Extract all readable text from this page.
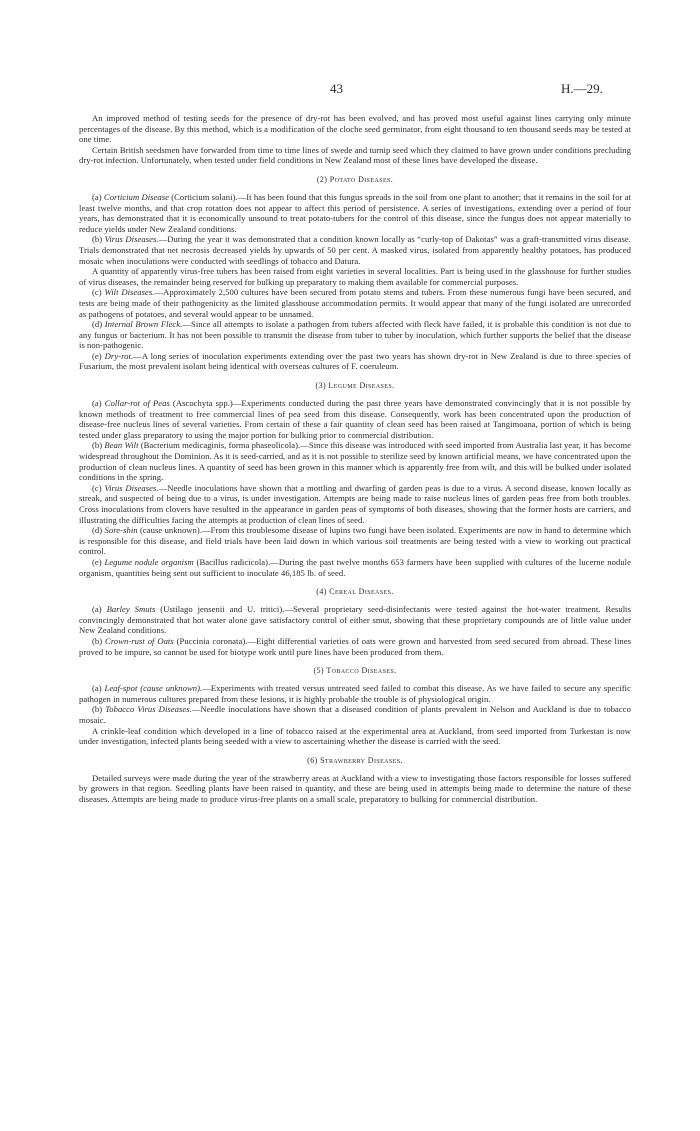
43	H.—29.

An improved method of testing seeds for the presence of dry-rot has been evolved, and has proved most useful against lines carrying only minute percentages of the disease. By this method, which is a modification of the cloche seed germinator, from eight thousand to ten thousand seeds may be tested at one time.

Certain British seedsmen have forwarded from time to time lines of swede and turnip seed which they claimed to have grown under conditions precluding dry-rot infection. Unfortunately, when tested under field conditions in New Zealand most of these lines have developed the disease.

(2) Potato Diseases.

(a) Corticium Disease (Corticium solani).—It has been found that this fungus spreads in the soil from one plant to another; that it remains in the soil for at least twelve months, and that crop rotation does not appear to affect this period of persistence. A series of investigations, extending over a period of four years, has demonstrated that it is economically unsound to treat potato-tubers for the control of this disease, since the fungus does not appear materially to reduce yields under New Zealand conditions.

(b) Virus Diseases.—During the year it was demonstrated that a condition known locally as “curly-top of Dakotas” was a graft-transmitted virus disease. Trials demonstrated that net necrosis decreased yields by upwards of 50 per cent. A masked virus, isolated from apparently healthy potatoes, has produced mosaic when inoculations were conducted with seedlings of tobacco and Datura.

A quantity of apparently virus-free tubers has been raised from eight varieties in several localities. Part is being used in the glasshouse for further studies of virus diseases, the remainder being reserved for bulking up preparatory to making them available for commercial purposes.

(c) Wilt Diseases.—Approximately 2,500 cultures have been secured from potato stems and tubers. From these numerous fungi have been secured, and tests are being made of their pathogenicity as the limited glasshouse accommodation permits. It would appear that many of the fungi isolated are unrecorded as pathogens of potatoes, and several would appear to be unnamed.

(d) Internal Brown Fleck.—Since all attempts to isolate a pathogen from tubers affected with fleck have failed, it is probable this condition is not due to any fungus or bacterium. It has not been possible to transmit the disease from tuber to tuber by inoculation, which further supports the belief that the disease is non-pathogenic.

(e) Dry-rot.—A long series of inoculation experiments extending over the past two years has shown dry-rot in New Zealand is due to three species of Fusarium, the most prevalent isolant being identical with overseas cultures of F. coeruleum.

(3) Legume Diseases.

(a) Collar-rot of Peas (Ascochyta spp.)—Experiments conducted during the past three years have demonstrated convincingly that it is not possible by known methods of treatment to free commercial lines of pea seed from this disease. Consequently, work has been concentrated upon the production of disease-free nucleus lines of several varieties. From certain of these a fair quantity of clean seed has been raised at Tangimoana, portion of which is being tested under glass preparatory to using the major portion for bulking prior to commercial distribution.

(b) Bean Wilt (Bacterium medicaginis, forma phaseolicola).—Since this disease was introduced with seed imported from Australia last year, it has become widespread throughout the Dominion. As it is seed-carried, and as it is not possible to sterilize seed by known artificial means, we have concentrated upon the production of clean nucleus lines. A quantity of seed has been grown in this manner which is apparently free from wilt, and this will be bulked under isolated conditions in the spring.

(c) Virus Diseases.—Needle inoculations have shown that a mottling and dwarfing of garden peas is due to a virus. A second disease, known locally as streak, and suspected of being due to a virus, is under investigation. Attempts are being made to raise nucleus lines of garden peas free from both troubles. Cross inoculations from clovers have resulted in the appearance in garden peas of symptoms of both diseases, showing that the former hosts are carriers, and illustrating the difficulties facing the attempts at production of clean lines of seed.

(d) Sore-shin (cause unknown).—From this troublesome disease of lupins two fungi have been isolated. Experiments are now in hand to determine which is responsible for this disease, and field trials have been laid down in which various soil treatments are being tested with a view to working out practical control.

(e) Legume nodule organism (Bacillus radicicola).—During the past twelve months 653 farmers have been supplied with cultures of the lucerne nodule organism, quantities being sent out sufficient to inoculate 46,185 lb. of seed.

(4) Cereal Diseases.

(a) Barley Smuts (Ustilago jensenii and U. tritici).—Several proprietary seed-disinfectants were tested against the hot-water treatment. Results convincingly demonstrated that hot water alone gave satisfactory control of either smut, showing that these proprietary compounds are of little value under New Zealand conditions.

(b) Crown-rust of Oats (Puccinia coronata).—Eight differential varieties of oats were grown and harvested from seed secured from abroad. These lines proved to be impure, so cannot be used for biotype work until pure lines have been produced from them.

(5) Tobacco Diseases.

(a) Leaf-spot (cause unknown).—Experiments with treated versus untreated seed failed to combat this disease. As we have failed to secure any specific pathogen in numerous cultures prepared from these lesions, it is highly probable the trouble is of physiological origin.

(b) Tobacco Virus Diseases.—Needle inoculations have shown that a diseased condition of plants prevalent in Nelson and Auckland is due to tobacco mosaic.

A crinkle-leaf condition which developed in a line of tobacco raised at the experimental area at Auckland, from seed imported from Turkestan is now under investigation, infected plants being seeded with a view to ascertaining whether the disease is carried with the seed.

(6) Strawberry Diseases.

Detailed surveys were made during the year of the strawberry areas at Auckland with a view to investigating those factors responsible for losses suffered by growers in that region. Seedling plants have been raised in quantity, and these are being used in attempts being made to determine the nature of these diseases. Attempts are being made to produce virus-free plants on a small scale, preparatory to bulking for commercial distribution.
